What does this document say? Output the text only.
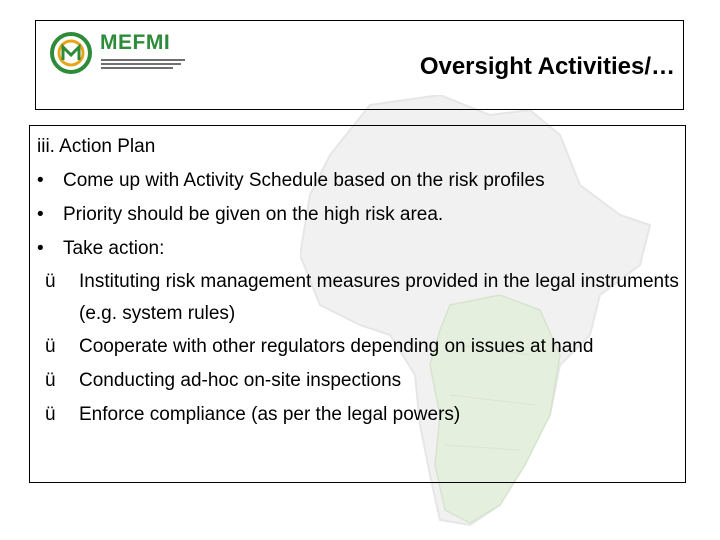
MEFMI
Oversight Activities/…
iii. Action Plan
• Come up with Activity Schedule based on the risk profiles
• Priority should be given on the high risk area.
• Take action:
ü Instituting risk management measures provided in the legal instruments (e.g. system rules)
ü Cooperate with other regulators depending on issues at hand
ü Conducting ad-hoc on-site inspections
ü Enforce compliance (as per the legal powers)
